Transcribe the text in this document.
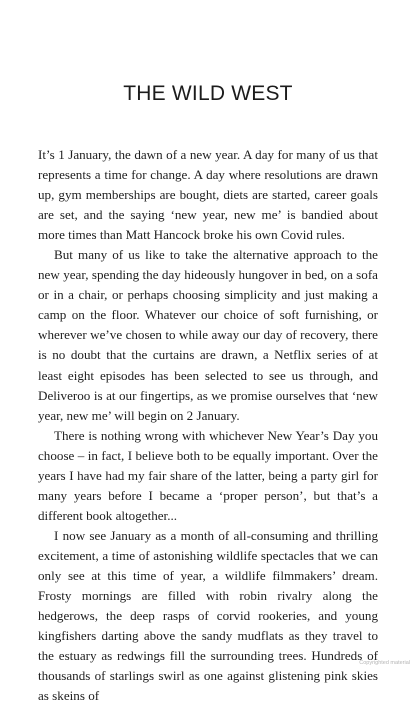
THE WILD WEST

It’s 1 January, the dawn of a new year. A day for many of us that represents a time for change. A day where resolutions are drawn up, gym memberships are bought, diets are started, career goals are set, and the saying ‘new year, new me’ is bandied about more times than Matt Hancock broke his own Covid rules.

But many of us like to take the alternative approach to the new year, spending the day hideously hungover in bed, on a sofa or in a chair, or perhaps choosing simplicity and just making a camp on the floor. Whatever our choice of soft furnishing, or wherever we’ve chosen to while away our day of recovery, there is no doubt that the curtains are drawn, a Netflix series of at least eight episodes has been selected to see us through, and Deliveroo is at our fingertips, as we promise ourselves that ‘new year, new me’ will begin on 2 January.

There is nothing wrong with whichever New Year’s Day you choose – in fact, I believe both to be equally important. Over the years I have had my fair share of the latter, being a party girl for many years before I became a ‘proper person’, but that’s a different book altogether...

I now see January as a month of all-consuming and thrilling excitement, a time of astonishing wildlife spectacles that we can only see at this time of year, a wildlife filmmakers’ dream. Frosty mornings are filled with robin rivalry along the hedgerows, the deep rasps of corvid rookeries, and young kingfishers darting above the sandy mudflats as they travel to the estuary as redwings fill the surrounding trees. Hundreds of thousands of starlings swirl as one against glistening pink skies as skeins of

Copyrighted material
